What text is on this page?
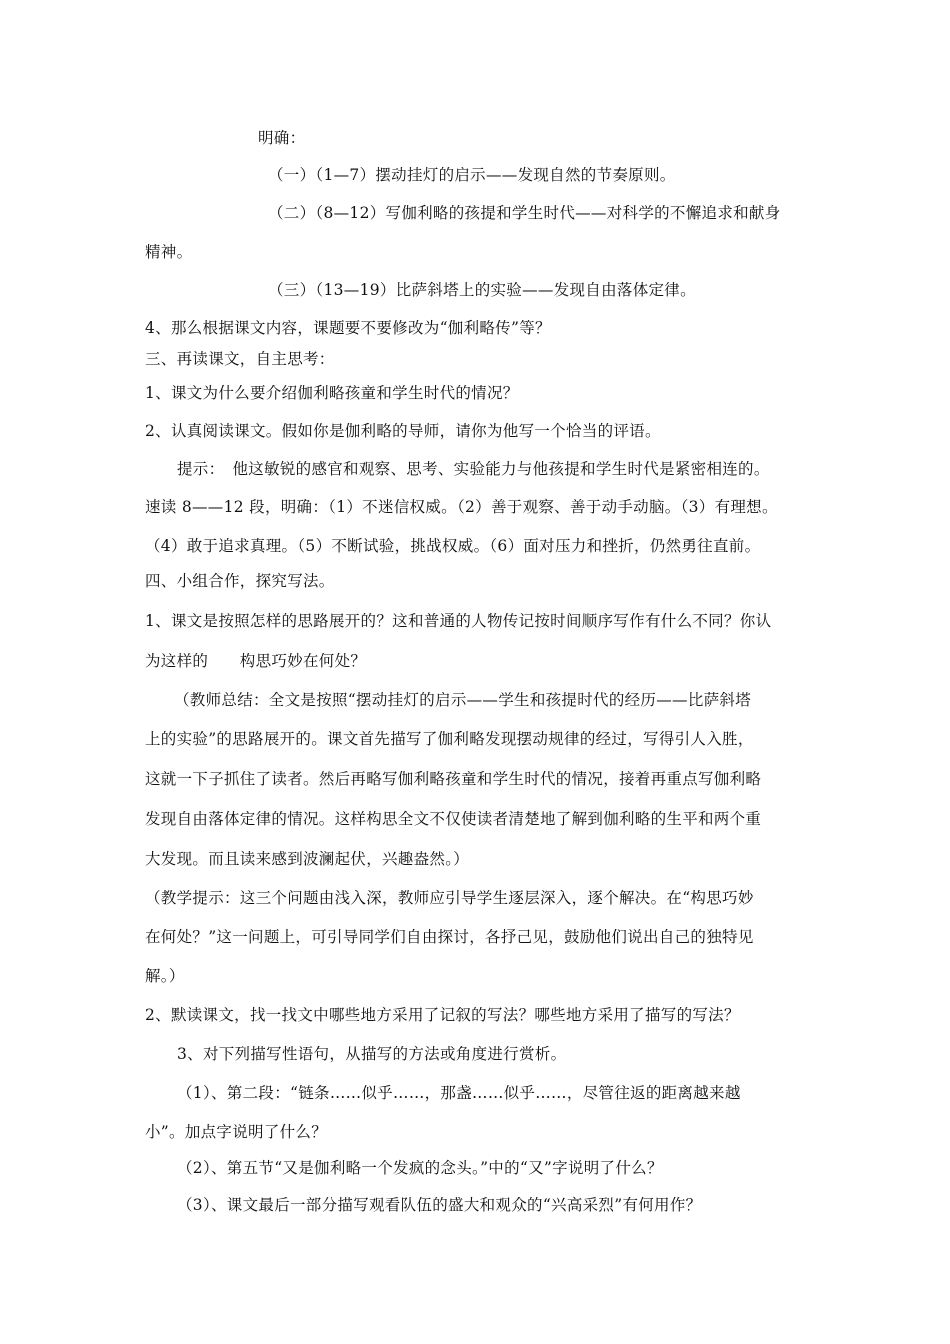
明确：
（一）（1—7）摆动挂灯的启示——发现自然的节奏原则。
（二）（8—12）写伽利略的孩提和学生时代——对科学的不懈追求和献身
精神。
（三）（13—19）比萨斜塔上的实验——发现自由落体定律。
4、那么根据课文内容，课题要不要修改为“伽利略传”等？
三、再读课文，自主思考：
1、课文为什么要介绍伽利略孩童和学生时代的情况？
2、认真阅读课文。假如你是伽利略的导师，请你为他写一个恰当的评语。
提示：　他这敏锐的感官和观察、思考、实验能力与他孩提和学生时代是紧密相连的。
速读 8——12 段，明确：（1）不迷信权威。（2）善于观察、善于动手动脑。（3）有理想。
（4）敢于追求真理。（5）不断试验，挑战权威。（6）面对压力和挫折，仍然勇往直前。
四、小组合作，探究写法。
1、课文是按照怎样的思路展开的？这和普通的人物传记按时间顺序写作有什么不同？你认
为这样的　　构思巧妙在何处？
（教师总结：全文是按照“摆动挂灯的启示——学生和孩提时代的经历——比萨斜塔
上的实验”的思路展开的。课文首先描写了伽利略发现摆动规律的经过，写得引人入胜，
这就一下子抓住了读者。然后再略写伽利略孩童和学生时代的情况，接着再重点写伽利略
发现自由落体定律的情况。这样构思全文不仅使读者清楚地了解到伽利略的生平和两个重
大发现。而且读来感到波澜起伏，兴趣盎然。）
（教学提示：这三个问题由浅入深，教师应引导学生逐层深入，逐个解决。在“构思巧妙
在何处？”这一问题上，可引导同学们自由探讨，各抒己见，鼓励他们说出自己的独特见
解。）
2、默读课文，找一找文中哪些地方采用了记叙的写法？哪些地方采用了描写的写法？
3、对下列描写性语句，从描写的方法或角度进行赏析。
（1）、第二段：“链条……似乎……，那盏……似乎……，尽管往返的距离越来越
小”。加点字说明了什么？
（2）、第五节“又是伽利略一个发疯的念头。”中的“又”字说明了什么？
（3）、课文最后一部分描写观看队伍的盛大和观众的“兴高采烈”有何用作？
